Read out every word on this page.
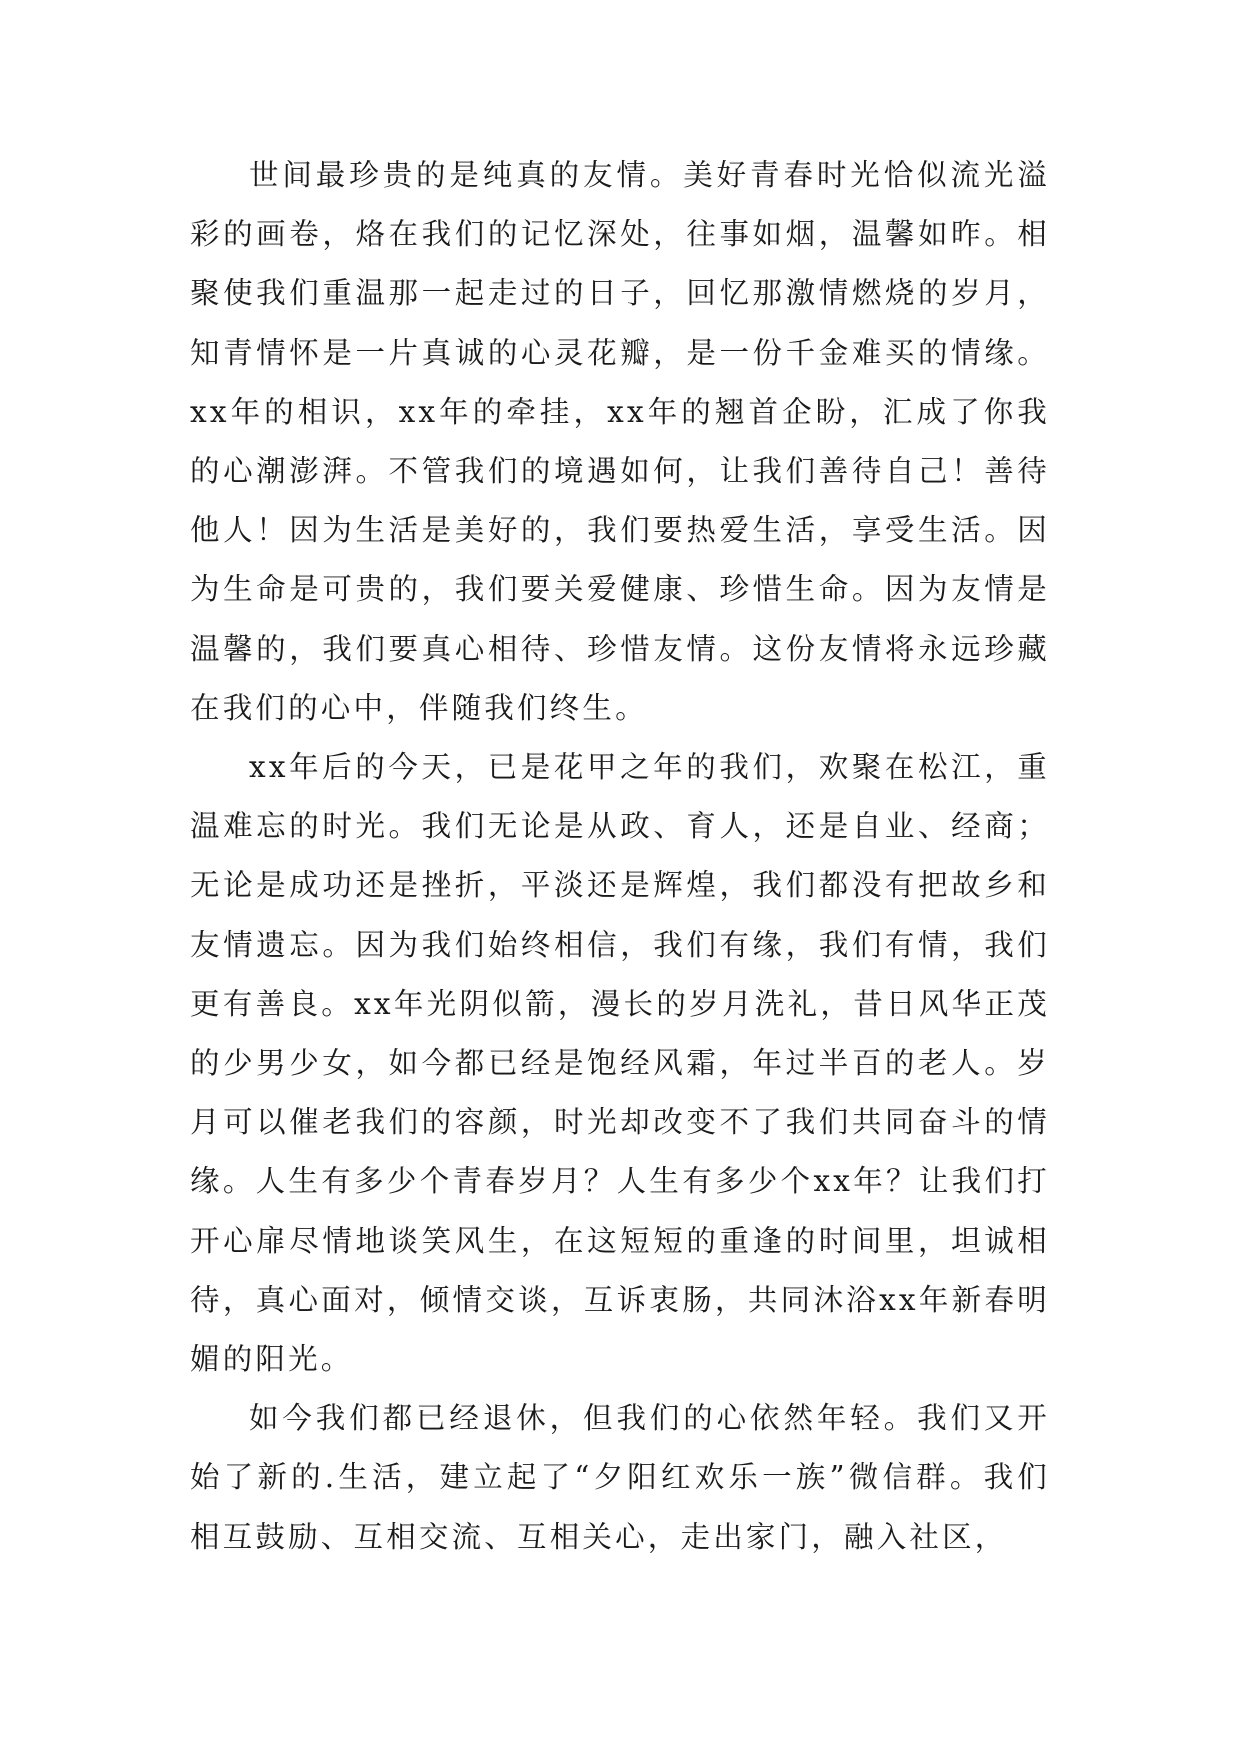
世间最珍贵的是纯真的友情。美好青春时光恰似流光溢彩的画卷，烙在我们的记忆深处，往事如烟，温馨如昨。相聚使我们重温那一起走过的日子，回忆那激情燃烧的岁月，知青情怀是一片真诚的心灵花瓣，是一份千金难买的情缘。xx年的相识，xx年的牵挂，xx年的翘首企盼，汇成了你我的心潮澎湃。不管我们的境遇如何，让我们善待自己！善待他人！因为生活是美好的，我们要热爱生活，享受生活。因为生命是可贵的，我们要关爱健康、珍惜生命。因为友情是温馨的，我们要真心相待、珍惜友情。这份友情将永远珍藏在我们的心中，伴随我们终生。

xx年后的今天，已是花甲之年的我们，欢聚在松江，重温难忘的时光。我们无论是从政、育人，还是自业、经商；无论是成功还是挫折，平淡还是辉煌，我们都没有把故乡和友情遗忘。因为我们始终相信，我们有缘，我们有情，我们更有善良。xx年光阴似箭，漫长的岁月洗礼，昔日风华正茂的少男少女，如今都已经是饱经风霜，年过半百的老人。岁月可以催老我们的容颜，时光却改变不了我们共同奋斗的情缘。人生有多少个青春岁月？人生有多少个xx年？让我们打开心扉尽情地谈笑风生，在这短短的重逢的时间里，坦诚相待，真心面对，倾情交谈，互诉衷肠，共同沐浴xx年新春明媚的阳光。

如今我们都已经退休，但我们的心依然年轻。我们又开始了新的.生活，建立起了“夕阳红欢乐一族”微信群。我们相互鼓励、互相交流、互相关心，走出家门，融入社区，
